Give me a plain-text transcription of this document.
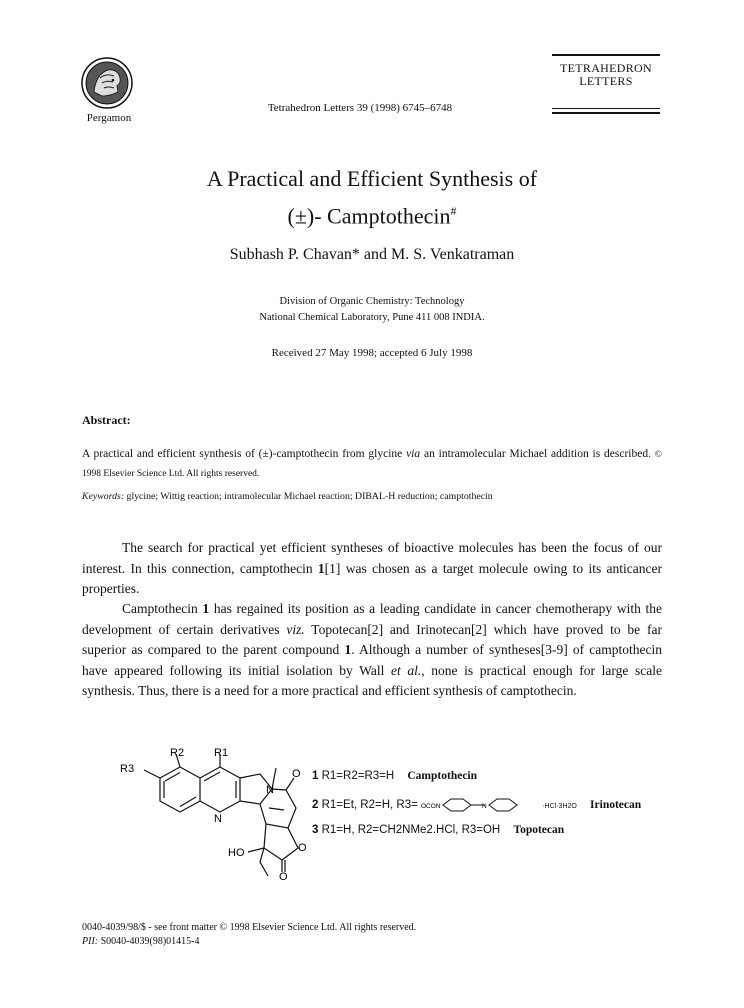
Pergamon
Tetrahedron Letters 39 (1998) 6745–6748
TETRAHEDRON
LETTERS
A Practical and Efficient Synthesis of
(±)- Camptothecin#
Subhash P. Chavan* and M. S. Venkatraman
Division of Organic Chemistry: Technology
National Chemical Laboratory, Pune 411 008 INDIA.
Received 27 May 1998; accepted 6 July 1998
Abstract:
A practical and efficient synthesis of (±)-camptothecin from glycine via an intramolecular Michael addition is described. © 1998 Elsevier Science Ltd. All rights reserved.
Keywords: glycine; Wittig reaction; intramolecular Michael reaction; DIBAL-H reduction; camptothecin
The search for practical yet efficient syntheses of bioactive molecules has been the focus of our interest. In this connection, camptothecin 1[1] was chosen as a target molecule owing to its anticancer properties.
Camptothecin 1 has regained its position as a leading candidate in cancer chemotherapy with the development of certain derivatives viz. Topotecan[2] and Irinotecan[2] which have proved to be far superior as compared to the parent compound 1. Although a number of syntheses[3-9] of camptothecin have appeared following its initial isolation by Wall et al., none is practical enough for large scale synthesis. Thus, there is a need for a more practical and efficient synthesis of camptothecin.
R2	R1
R3
N
N
O
O
O
HO
1 R1=R2=R3=H Camptothecin
2 R1=Et, R2=H, R3= OCON	N	·HCl·3H2O Irinotecan
3 R1=H, R2=CH2NMe2.HCl, R3=OH Topotecan
0040-4039/98/$ - see front matter © 1998 Elsevier Science Ltd. All rights reserved.
PII: S0040-4039(98)01415-4
